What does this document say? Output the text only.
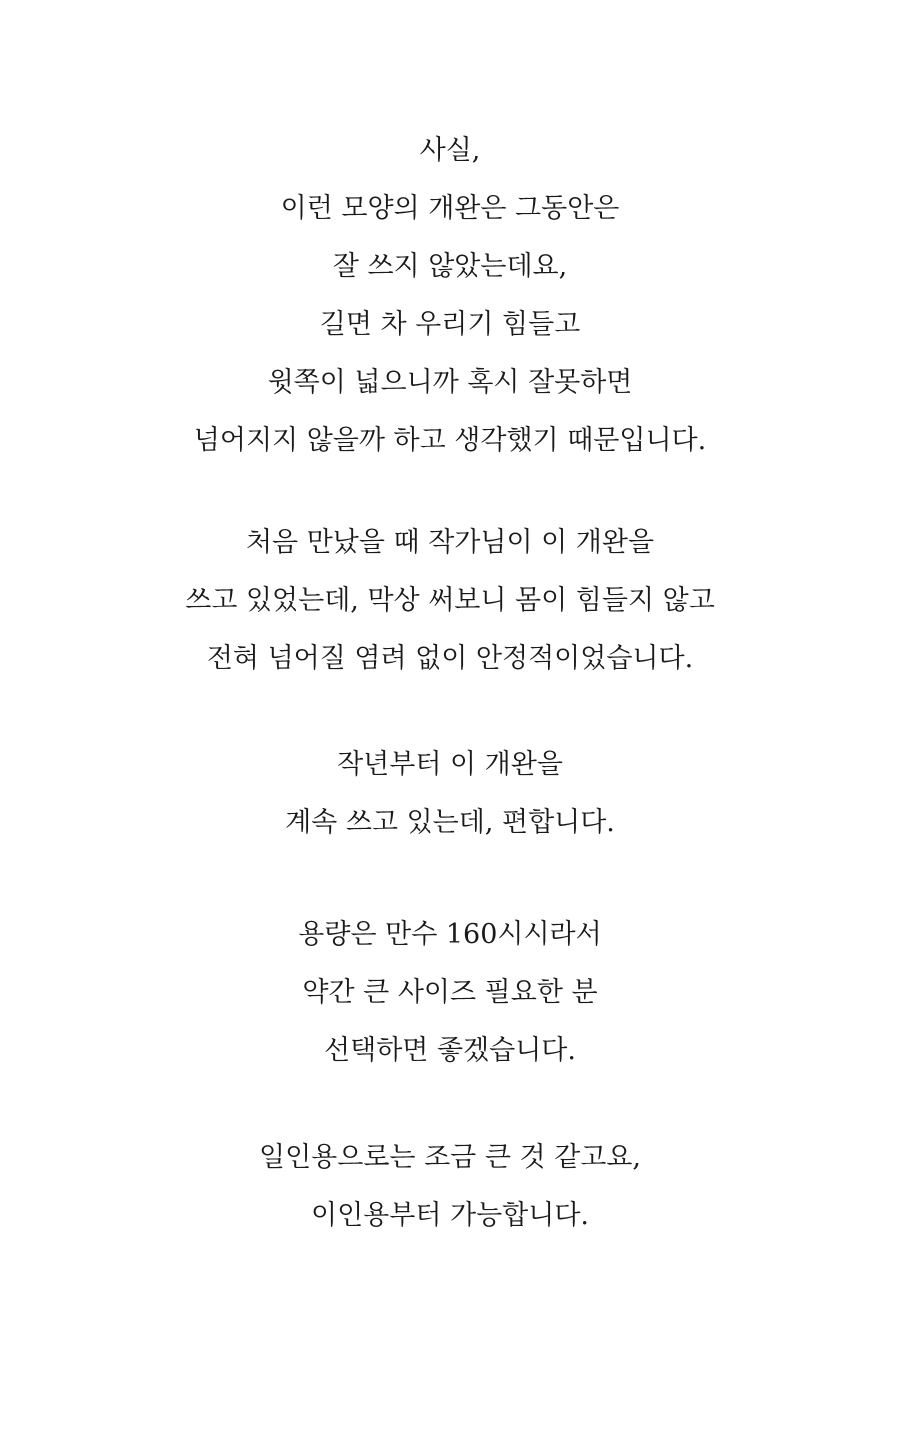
사실,
이런 모양의 개완은 그동안은
잘 쓰지 않았는데요,
길면 차 우리기 힘들고
윗쪽이 넓으니까 혹시 잘못하면
넘어지지 않을까 하고 생각했기 때문입니다.
처음 만났을 때 작가님이 이 개완을
쓰고 있었는데, 막상 써보니 몸이 힘들지 않고
전혀 넘어질 염려 없이 안정적이었습니다.
작년부터 이 개완을
계속 쓰고 있는데, 편합니다.
용량은 만수 160시시라서
약간 큰 사이즈 필요한 분
선택하면 좋겠습니다.
일인용으로는 조금 큰 것 같고요,
이인용부터 가능합니다.
